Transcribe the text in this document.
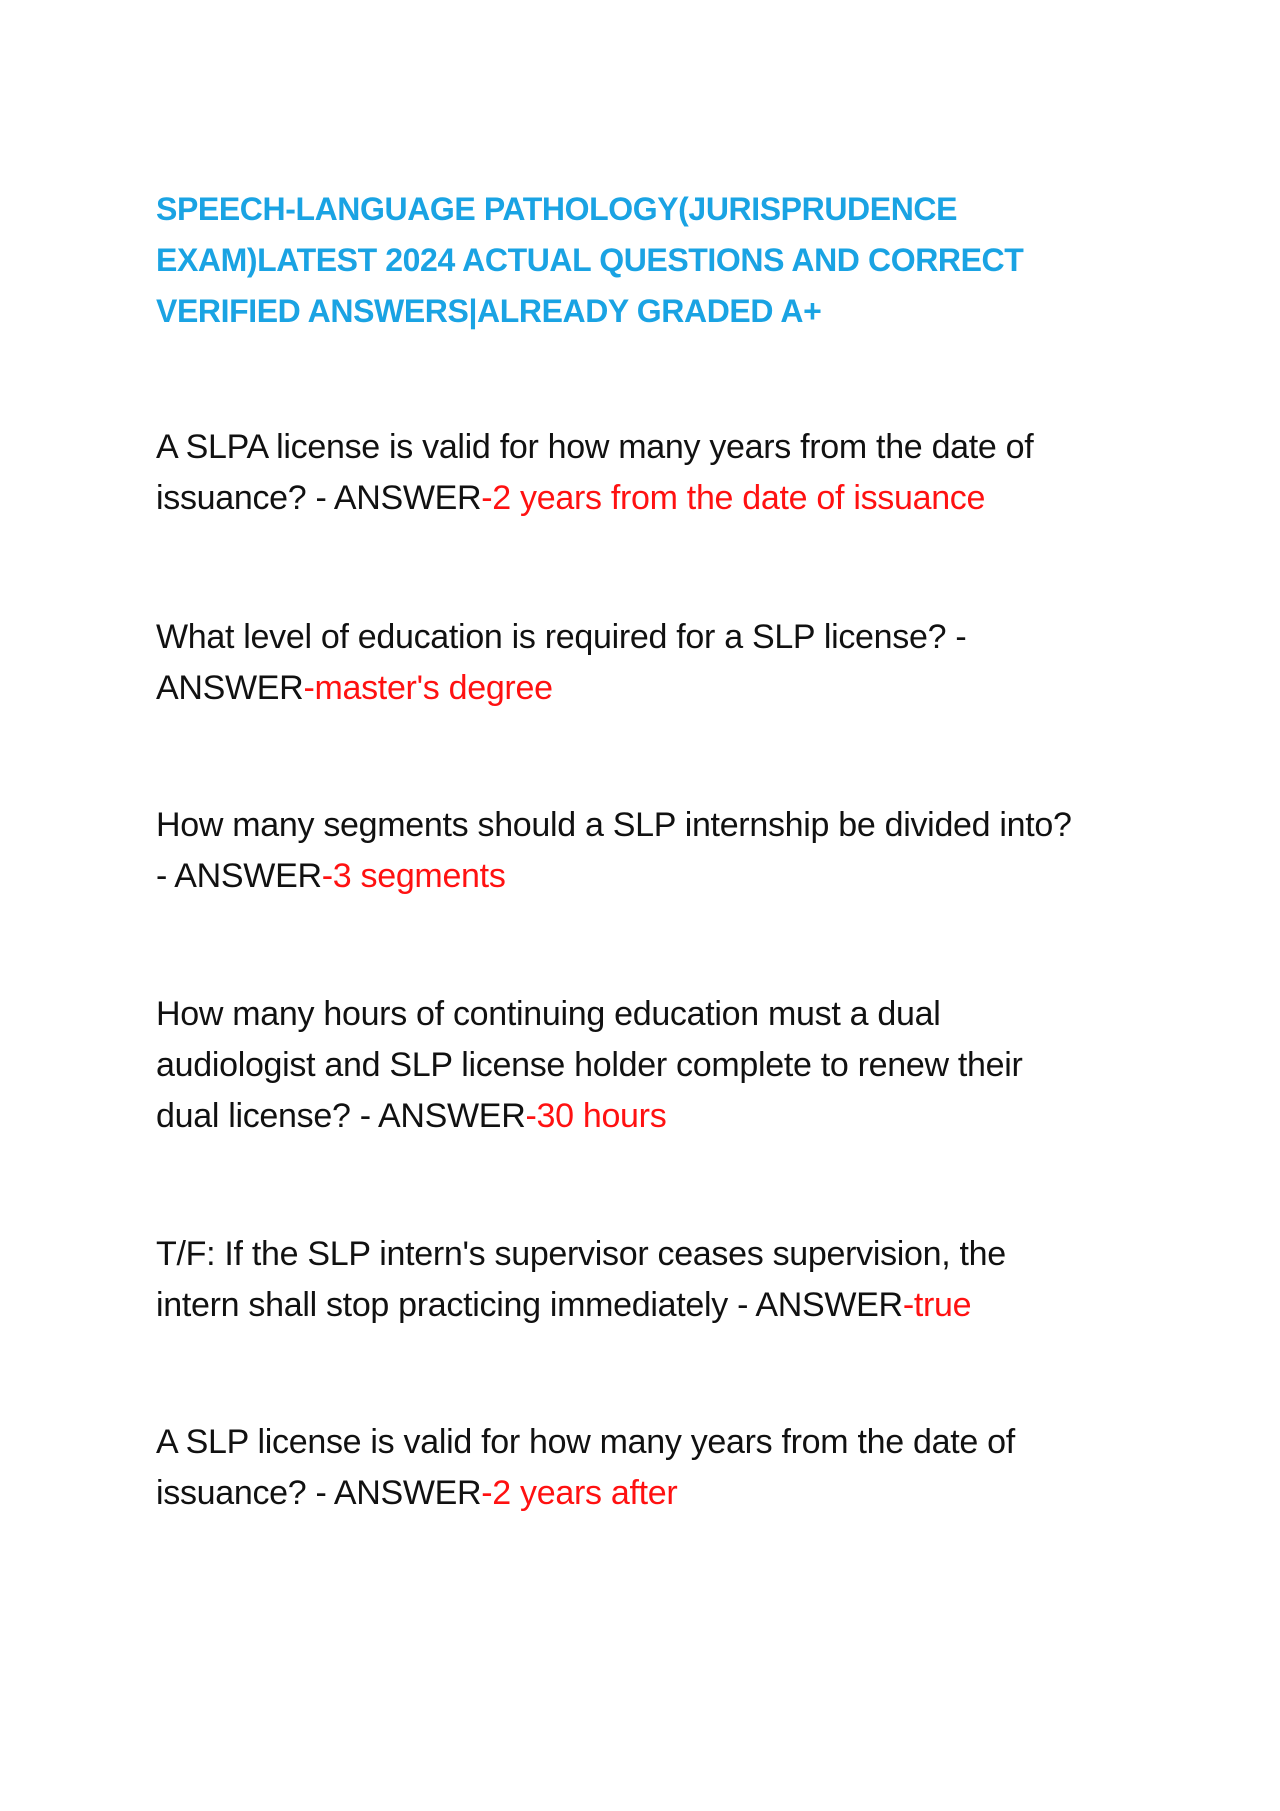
SPEECH-LANGUAGE PATHOLOGY(JURISPRUDENCE
EXAM)LATEST 2024 ACTUAL QUESTIONS AND CORRECT
VERIFIED ANSWERS|ALREADY GRADED A+

A SLPA license is valid for how many years from the date of
issuance? - ANSWER-2 years from the date of issuance

What level of education is required for a SLP license? -
ANSWER-master's degree

How many segments should a SLP internship be divided into?
- ANSWER-3 segments

How many hours of continuing education must a dual
audiologist and SLP license holder complete to renew their
dual license? - ANSWER-30 hours

T/F: If the SLP intern's supervisor ceases supervision, the
intern shall stop practicing immediately - ANSWER-true

A SLP license is valid for how many years from the date of
issuance? - ANSWER-2 years after
